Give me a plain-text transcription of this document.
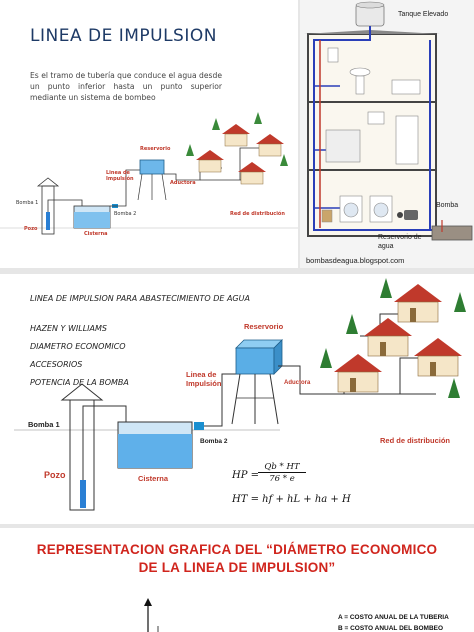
LINEA DE IMPULSION
Es el tramo de tubería que conduce el agua desde un punto inferior hasta un punto superior mediante un sistema de bombeo
Reservorio
Linea de Impulsión
Aductora
Bomba 1
Bomba 2
Pozo
Cisterna
Red de distribución
Tanque Elevado
Bomba
Reservorio de agua
bombasdeagua.blogspot.com
LINEA DE IMPULSION PARA ABASTECIMIENTO DE AGUA
HAZEN Y WILLIAMS
DIAMETRO ECONOMICO
ACCESORIOS
POTENCIA DE LA BOMBA
Reservorio
Linea de Impulsión	Aductora
Bomba 1
Bomba 2
Pozo	Cisterna
Red de distribución
HP =
Qb * HT
76 * e
HT = hf + hL + ha + H
REPRESENTACION GRAFICA DEL “DIÁMETRO ECONOMICO
DE LA LINEA DE IMPULSION”
A = COSTO ANUAL DE LA TUBERIA
B = COSTO ANUAL DEL BOMBEO
